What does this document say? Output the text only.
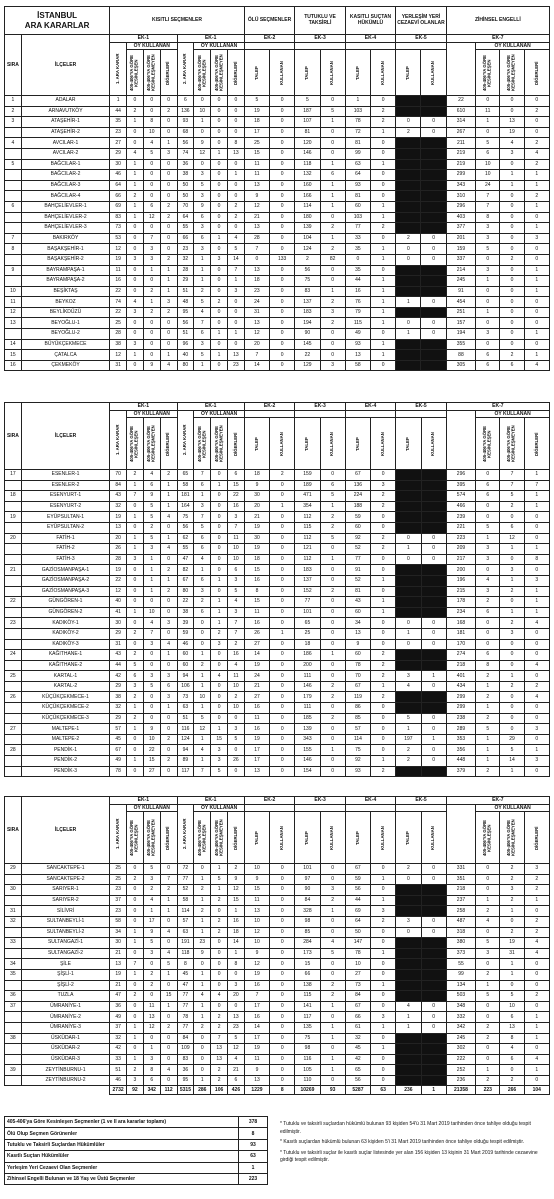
İSTANBUL
ARA KARARLAR		KISITLI SEÇMENLER								ÖLÜ SEÇMENLER		TUTUKLU VE TAKSİRLİ		KASITLI SUÇTAN HÜKÜMLÜ		YERLEŞİM YERİ CEZAEVİ OLANLAR		ZİHİNSEL ENGELLİ			
SIRA	İLÇELER	EK-1				EK-1				EK-2		EK-3		EK-4		EK-5		EK-7			

		1. ARA KARAR	OY KULLANAN			2. ARA KARAR	OY KULLANAN												OY KULLANAN		

			405-406'YA GÖRE KESİNLEŞEN	405-406'YA GÖRE KESİNLEŞMEYEN	DİĞERLERİ		405-406'YA GÖRE KESİNLEŞEN	405-406'YA GÖRE KESİNLEŞMEYEN	DİĞERLERİ	TALEP	KULLANAN	TALEP	KULLANAN	TALEP	KULLANAN	TALEP	KULLANAN		405-406'YA GÖRE KESİNLEŞEN	405-406'YA GÖRE KESİNLEŞMEYEN	DİĞERLERİ

1	ADALAR	1	0	0	0	6	0	0	0	5	0	5	0	1	0			22	0	0	0
2	ARNAVUTKÖY	44	2	0	2	136	10	0	0	19	0	187	5	103	2			610	11	0	2
3	ATAŞEHİR-1	35	1	8	0	93	1	0	0	18	0	107	1	78	2	0	0	314	1	13	0
	ATAŞEHİR-2	23	0	10	0	68	0	0	0	17	0	81	0	72	1	2	0	267	0	19	0
4	AVCILAR-1	27	0	4	1	56	9	0	8	25	0	120	0	81	0			211	5	4	2
	AVCILAR-2	29	4	5	3	74	12	1	13	15	0	146	0	99	0			219	6	3	4
5	BAĞCILAR-1	30	1	0	0	36	0	0	0	11	0	118	1	63	1			219	10	0	2
	BAĞCILAR-2	46	1	0	0	38	3	0	1	11	0	132	6	64	0			299	10	1	1
	BAĞCILAR-3	64	1	0	0	50	5	0	0	13	0	160	1	93	0			343	24	1	1
	BAĞCILAR-4	66	2	0	0	50	3	0	0	9	0	166	1	81	0			310	7	0	2
6	BAHÇELİEVLER-1	69	1	6	2	70	9	0	2	12	0	114	1	60	1			296	7	0	1
	BAHÇELİEVLER-2	83	1	12	2	64	6	0	2	21	0	180	0	103	1			403	8	0	0
	BAHÇELİEVLER-3	73	0	0	0	55	3	0	0	13	0	139	2	77	2			377	3	0	1
7	BAKIRKÖY	53	0	7	0	66	6	1	4	28	0	104	1	33	0	2	0	201	3	0	3
8	BAŞAKŞEHİR-1	12	0	3	0	23	3	0	5	7	0	124	2	35	1	0	0	159	5	0	0
	BAŞAKŞEHİR-2	19	3	3	2	32	1	3	14	0	133	2	82	0	1	0	0	337	0	2	0
9	BAYRAMPAŞA-1	11	0	1	1	28	1	0	7	13	0	56	0	35	0			214	3	0	1
	BAYRAMPAŞA-2	16	0	0	1	29	1	0	1	18	0	75	0	44	1			245	1	0	1
10	BEŞİKTAŞ	22	0	2	1	51	2	0	3	23	0	83	1	16	1			91	0	0	1
11	BEYKOZ	74	4	1	3	48	5	2	0	24	0	137	2	76	1	1	0	454	0	0	0
12	BEYLİKDÜZÜ	22	3	2	2	95	4	0	0	31	0	183	3	79	1			251	1	0	0
13	BEYOĞLU-1	25	0	0	0	56	7	0	0	13	0	194	2	115	1	0	0	157	0	0	0
	BEYOĞLU-2	28	0	0	0	51	6	1	1	12	0	90	0	49	0	1	0	194	3	0	1
14	BÜYÜKÇEKMECE	38	3	0	0	96	3	0	0	20	0	145	0	93	1			355	0	0	0
15	ÇATALCA	12	1	0	1	40	5	1	13	7	0	22	0	13	1			88	6	2	1
16	ÇEKMEKÖY	31	0	9	4	80	1	0	23	14	0	129	3	58	0			305	6	6	4
SIRA	İLÇELER	EK-1				EK-1				EK-2		EK-3		EK-4		EK-5		EK-7			

		1. ARA KARAR	OY KULLANAN			2. ARA KARAR	OY KULLANAN												OY KULLANAN		

			405-406'YA GÖRE KESİNLEŞEN	405-406'YA GÖRE KESİNLEŞMEYEN	DİĞERLERİ		405-406'YA GÖRE KESİNLEŞEN	405-406'YA GÖRE KESİNLEŞMEYEN	DİĞERLERİ	TALEP	KULLANAN	TALEP	KULLANAN	TALEP	KULLANAN	TALEP	KULLANAN		405-406'YA GÖRE KESİNLEŞEN	405-406'YA GÖRE KESİNLEŞMEYEN	DİĞERLERİ

17	ESENLER-1	70	2	4	2	65	7	0	6	18	2	159	0	67	0			296	0	7	1
	ESENLER-2	84	1	6	1	58	6	1	15	9	0	189	6	136	3			395	6	7	7
18	ESENYURT-1	43	7	9	1	181	1	0	22	30	0	471	5	224	2			574	6	5	1
	ESENYURT-2	32	0	5	1	164	3	0	16	20	1	354	1	188	2			466	0	2	1
19	EYÜPSULTAN-1	19	1	5	4	75	7	0	3	21	0	112	2	59	0			239	0	0	0
	EYÜPSULTAN-2	13	0	2	0	56	5	0	7	19	0	115	2	60	0			221	5	6	0
20	FATİH-1	20	1	5	1	62	6	0	11	30	0	112	5	92	2	0	0	223	1	12	0
	FATİH-2	26	1	3	4	55	6	0	10	19	0	121	0	52	2	1	0	209	3	1	1
	FATİH-3	28	3	1	0	47	4	0	10	18	0	112	1	77	0	0	0	217	3	0	8
21	GAZİOSMANPAŞA-1	19	0	1	2	82	1	0	6	15	0	183	0	91	0			200	0	3	0
	GAZİOSMANPAŞA-2	22	0	1	1	67	6	1	3	16	0	137	0	52	1			196	4	1	3
	GAZİOSMANPAŞA-3	12	0	1	2	80	3	0	5	8	0	152	2	81	0			215	3	2	1
22	GÜNGÖREN-1	40	0	0	0	22	2	1	4	15	0	77	0	43	1			178	2	0	1
	GÜNGÖREN-2	41	1	10	0	38	6	1	3	11	0	101	0	60	1			234	6	1	1
23	KADIKÖY-1	30	0	4	3	39	0	1	7	16	0	65	0	34	0	0	0	168	0	2	4
	KADIKÖY-2	29	2	7	0	59	0	2	7	26	1	25	0	13	0	1	0	181	0	3	0
	KADIKÖY-3	31	0	3	4	46	0	3	2	27	0	18	0	9	0	0	0	170	0	0	0
24	KAĞITHANE-1	43	2	0	1	60	1	0	16	14	0	186	1	60	2			274	6	0	0
	KAĞITHANE-2	44	5	0	0	60	2	0	4	19	0	200	0	78	2			218	8	0	4
25	KARTAL-1	42	6	3	3	94	1	4	11	24	0	111	0	70	2	3	1	401	2	1	0
	KARTAL-2	29	3	5	6	106	1	0	10	21	0	146	2	67	1	4	0	434	1	2	2
26	KÜÇÜKÇEKMECE-1	38	2	0	3	73	10	0	2	27	0	179	2	119	2			299	2	0	4
	KÜÇÜKÇEKMECE-2	32	1	0	1	63	1	0	10	16	0	111	0	86	0			299	1	0	0
	KÜÇÜKÇEKMECE-3	29	2	0	0	51	5	0	0	11	0	185	2	85	0	5	0	238	2	0	0
27	MALTEPE-1	57	1	9	0	116	12	1	3	16	0	139	0	57	0	1	0	289	5	0	3
	MALTEPE-2	45	0	10	2	124	1	15	5	19	0	343	0	114	0	197	1	353	1	29	0
28	PENDİK-1	67	0	22	0	94	4	3	0	17	0	155	1	75	0	2	0	356	1	5	1
	PENDİK-2	49	1	15	2	89	1	3	26	17	0	146	0	92	1	2	0	448	1	14	3
	PENDİK-3	78	0	27	0	117	7	5	0	13	0	154	0	93	2			379	2	1	0
SIRA	İLÇELER	EK-1				EK-1				EK-2		EK-3		EK-4		EK-5		EK-7			

		1. ARA KARAR	OY KULLANAN			2. ARA KARAR	OY KULLANAN												OY KULLANAN		

			405-406'YA GÖRE KESİNLEŞEN	405-406'YA GÖRE KESİNLEŞMEYEN	DİĞERLERİ		405-406'YA GÖRE KESİNLEŞEN	405-406'YA GÖRE KESİNLEŞMEYEN	DİĞERLERİ	TALEP	KULLANAN	TALEP	KULLANAN	TALEP	KULLANAN	TALEP	KULLANAN		405-406'YA GÖRE KESİNLEŞEN	405-406'YA GÖRE KESİNLEŞMEYEN	DİĞERLERİ

29	SANCAKTEPE-1	25	0	5	0	72	0	1	2	10	0	101	0	67	0	2	0	331	0	2	3
	SANCAKTEPE-2	25	2	3	7	77	1	5	9	9	0	97	0	59	1	0	0	351	0	2	2
30	SARIYER-1	23	0	2	2	52	2	1	12	15	0	90	3	56	0			218	0	3	2
	SARIYER-2	37	0	4	1	58	1	2	15	11	0	84	2	44	1			237	1	2	1
31	SİLİVRİ	23	0	1	1	114	2	0	1	13	0	328	1	69	3			258	2	1	0
32	SULTANBEYLİ-1	58	0	17	0	57	1	2	16	10	0	98	0	64	2	3	0	487	4	0	2
	SULTANBEYLİ-2	34	1	9	4	63	1	2	18	12	0	85	0	50	0	0	0	318	0	2	2
33	SULTANGAZİ-1	30	1	5	0	191	23	0	14	10	0	284	4	147	0			380	5	19	4
	SULTANGAZİ-2	21	0	3	4	118	9	0	1	9	0	173	5	78	1			373	3	31	4
34	ŞİLE	13	7	0	5	8	0	0	8	12	0	15	0	10	0			55	0	1	0
35	ŞİŞLİ-1	19	1	2	1	45	1	0	0	19	0	66	0	27	0			99	2	1	0
	ŞİŞLİ-2	21	0	2	0	47	1	0	3	16	0	138	2	73	1			134	1	0	0
36	TUZLA	47	2	0	15	77	4	4	20	7	0	115	2	84	0			503	5	5	2
37	ÜMRANİYE-1	36	0	11	1	77	1	0	0	17	0	141	1	67	0	4	0	348	0	10	0
	ÜMRANİYE-2	49	0	13	0	78	1	2	13	16	0	117	0	66	3	1	0	332	0	6	1
	ÜMRANİYE-3	37	1	12	2	77	2	2	23	14	0	135	1	61	1	1	0	342	2	13	1
38	ÜSKÜDAR-1	32	1	0	0	84	0	7	5	17	0	75	1	32	0			245	2	8	1
	ÜSKÜDAR-2	42	0	1	0	109	0	13	12	19	0	98	0	45	1			302	0	4	0
	ÜSKÜDAR-3	33	1	3	0	83	0	13	4	11	0	116	1	42	0			222	0	6	4
39	ZEYTİNBURNU-1	51	2	8	4	36	0	2	21	9	0	105	1	65	0			252	1	0	1
	ZEYTİNBURNU-2	46	3	6	0	95	1	2	6	13	0	110	0	56	0			236	2	2	0
		2732	92	342	112	5315	286	106	426	1229	8	10269	93	5287	63	236	1	21358	223	266	104
405-406'ya Göre Kesinleşen Seçmenler (1 ve II ara kararlar toplamı)	378
Ölü Olup Seçmen Görünenler	8
Tutuklu ve Taksirli Suçlardan Hükümlüler	93
Kasıtlı Suçtan Hükümlüler	63
Yerleşim Yeri Cezaevi Olan Seçmenler	1
Zihinsel Engelli Bulunan ve 18 Yaş ve Üstü Seçmenler	223

* Tutuklu ve taksirli suçlardan hükümlü bulunan 93 kişiden 54'ü 31 Mart 2019 tarihinden önce tahliye olduğu tespit edilmiştir.

* Kasıtlı suçlardan hükümlü bulunan 63 kişiden 5'i 31 Mart 2019 tarihinden önce tahliye olduğu tespit edilmiştir.

* Tutuklu ve taksirli suçlar ile kasıtlı suçlar listesinde yer alan 156 kişiden 13 kişinin 31 Mart 2019 tarihinde cezaevine girdiği tespit edilmiştir.
